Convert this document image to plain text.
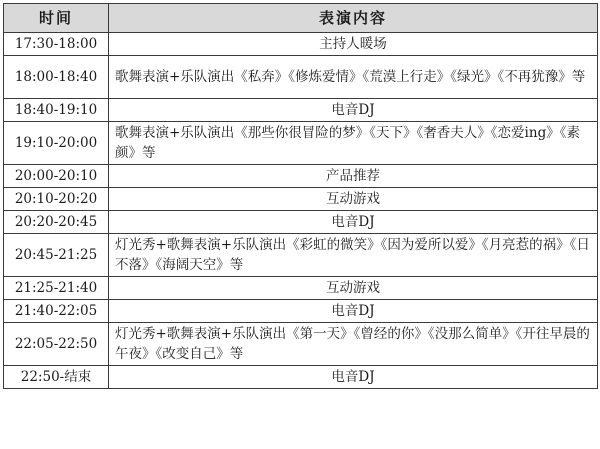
时间	表演内容
17:30-18:00	主持人暖场
18:00-18:40	歌舞表演+乐队演出《私奔》《修炼爱情》《荒漠上行走》《绿光》《不再犹豫》等
18:40-19:10	电音DJ
19:10-20:00	歌舞表演+乐队演出《那些你很冒险的梦》《天下》《奢香夫人》《恋爱ing》《素颜》等
20:00-20:10	产品推荐
20:10-20:20	互动游戏
20:20-20:45	电音DJ
20:45-21:25	灯光秀+歌舞表演+乐队演出《彩虹的微笑》《因为爱所以爱》《月亮惹的祸》《日不落》《海阔天空》等
21:25-21:40	互动游戏
21:40-22:05	电音DJ
22:05-22:50	灯光秀+歌舞表演+乐队演出《第一天》《曾经的你》《没那么简单》《开往早晨的午夜》《改变自己》等
22:50-结束	电音DJ
